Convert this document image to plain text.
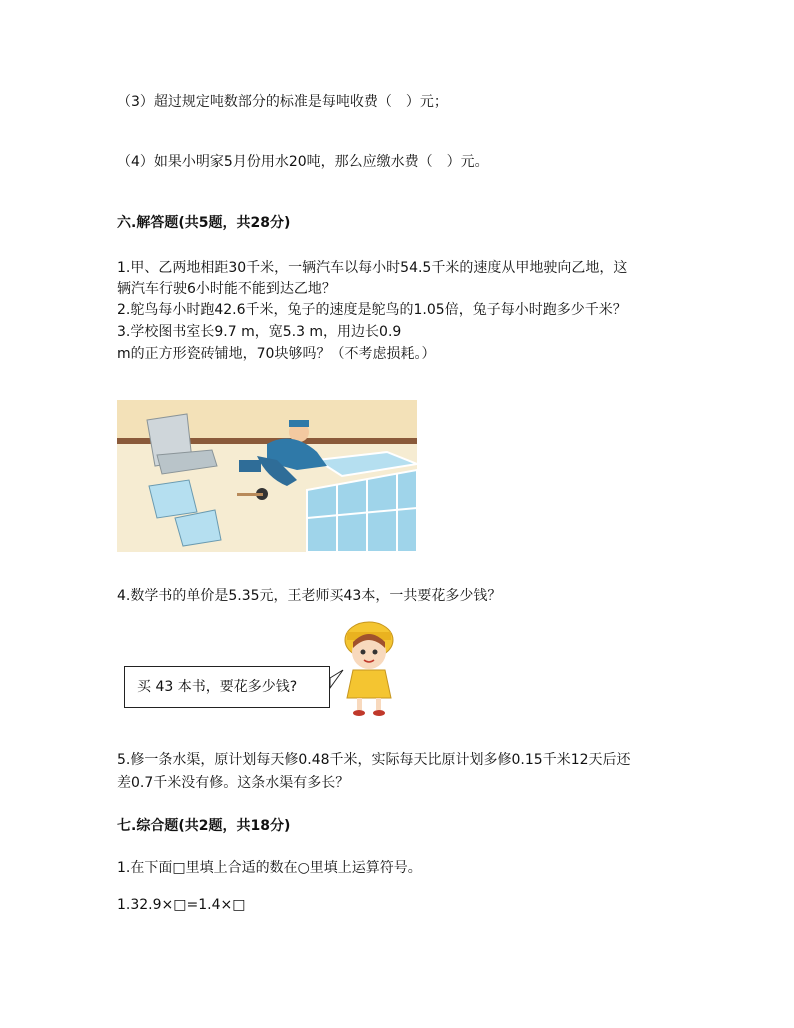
（3）超过规定吨数部分的标准是每吨收费（　）元；
（4）如果小明家5月份用水20吨，那么应缴水费（　）元。
六.解答题(共5题，共28分)
1.甲、乙两地相距30千米，一辆汽车以每小时54.5千米的速度从甲地驶向乙地，这
辆汽车行驶6小时能不能到达乙地？
2.鸵鸟每小时跑42.6千米，兔子的速度是鸵鸟的1.05倍，兔子每小时跑多少千米？
3.学校图书室长9.7 m，宽5.3 m，用边长0.9
m的正方形瓷砖铺地，70块够吗？（不考虑损耗。）
4.数学书的单价是5.35元，王老师买43本，一共要花多少钱？
买 43 本书，要花多少钱?
5.修一条水渠，原计划每天修0.48千米，实际每天比原计划多修0.15千米12天后还
差0.7千米没有修。这条水渠有多长？
七.综合题(共2题，共18分)
1.在下面□里填上合适的数在○里填上运算符号。
1.32.9×□=1.4×□
